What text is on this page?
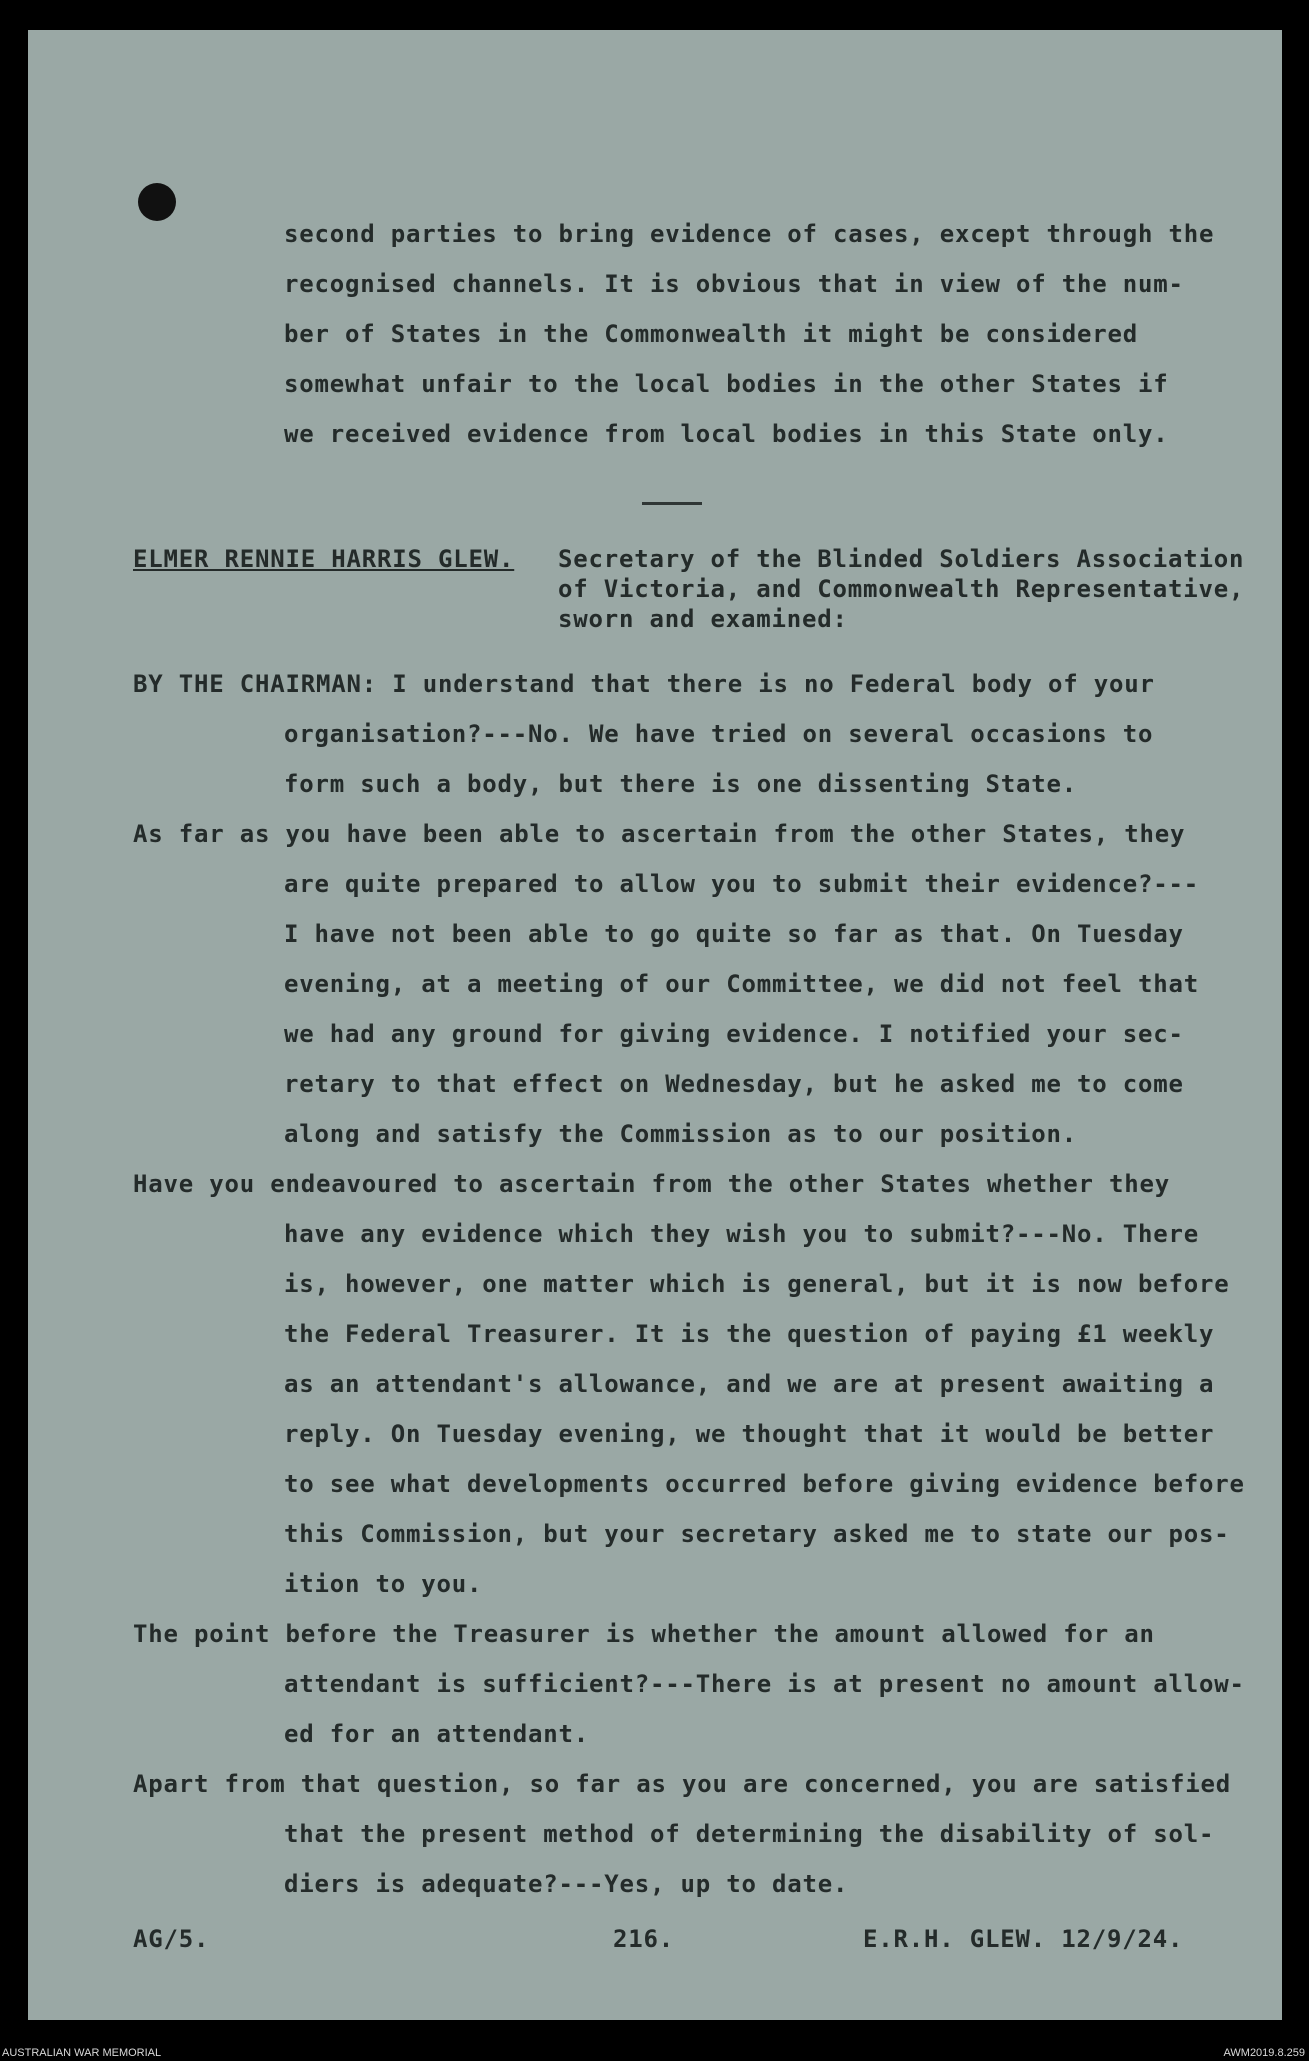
second parties to bring evidence of cases, except through the
recognised channels. It is obvious that in view of the num-
ber of States in the Commonwealth it might be considered
somewhat unfair to the local bodies in the other States if
we received evidence from local bodies in this State only.
ELMER RENNIE HARRIS GLEW. Secretary of the Blinded Soldiers Association
of Victoria, and Commonwealth Representative,
sworn and examined:
BY THE CHAIRMAN: I understand that there is no Federal body of your
organisation?---No. We have tried on several occasions to
form such a body, but there is one dissenting State.
As far as you have been able to ascertain from the other States, they
are quite prepared to allow you to submit their evidence?---
I have not been able to go quite so far as that. On Tuesday
evening, at a meeting of our Committee, we did not feel that
we had any ground for giving evidence. I notified your sec-
retary to that effect on Wednesday, but he asked me to come
along and satisfy the Commission as to our position.
Have you endeavoured to ascertain from the other States whether they
have any evidence which they wish you to submit?---No. There
is, however, one matter which is general, but it is now before
the Federal Treasurer. It is the question of paying £1 weekly
as an attendant's allowance, and we are at present awaiting a
reply. On Tuesday evening, we thought that it would be better
to see what developments occurred before giving evidence before
this Commission, but your secretary asked me to state our pos-
ition to you.
The point before the Treasurer is whether the amount allowed for an
attendant is sufficient?---There is at present no amount allow-
ed for an attendant.
Apart from that question, so far as you are concerned, you are satisfied
that the present method of determining the disability of sol-
diers is adequate?---Yes, up to date.
AG/5.	216.	E.R.H. GLEW. 12/9/24.
AUSTRALIAN WAR MEMORIAL	AWM2019.8.259
